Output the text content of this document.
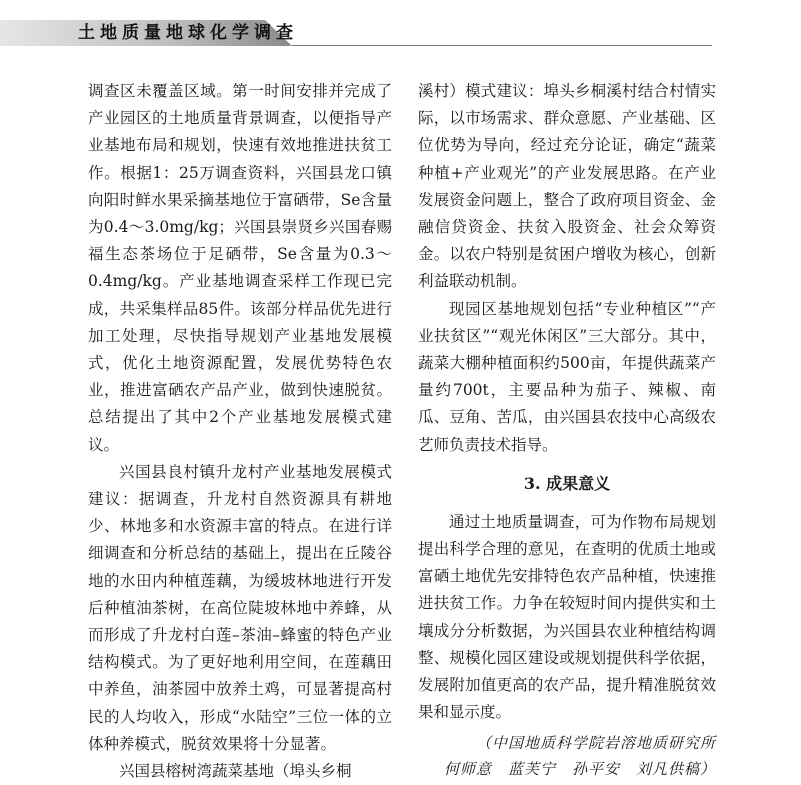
土地质量地球化学调查

调查区未覆盖区域。第一时间安排并完成了产业园区的土地质量背景调查，以便指导产业基地布局和规划，快速有效地推进扶贫工作。根据1：25万调查资料，兴国县龙口镇向阳时鲜水果采摘基地位于富硒带，Se含量为0.4～3.0mg/kg；兴国县崇贤乡兴国春赐福生态茶场位于足硒带，Se含量为0.3～0.4mg/kg。产业基地调查采样工作现已完成，共采集样品85件。该部分样品优先进行加工处理，尽快指导规划产业基地发展模式，优化土地资源配置，发展优势特色农业，推进富硒农产品产业，做到快速脱贫。总结提出了其中2个产业基地发展模式建议。

兴国县良村镇升龙村产业基地发展模式建议：据调查，升龙村自然资源具有耕地少、林地多和水资源丰富的特点。在进行详细调查和分析总结的基础上，提出在丘陵谷地的水田内种植莲藕，为缓坡林地进行开发后种植油茶树，在高位陡坡林地中养蜂，从而形成了升龙村白莲–茶油–蜂蜜的特色产业结构模式。为了更好地利用空间，在莲藕田中养鱼，油茶园中放养土鸡，可显著提高村民的人均收入，形成“水陆空”三位一体的立体种养模式，脱贫效果将十分显著。

兴国县榕树湾蔬菜基地（埠头乡桐

溪村）模式建议：埠头乡桐溪村结合村情实际，以市场需求、群众意愿、产业基础、区位优势为导向，经过充分论证，确定“蔬菜种植+产业观光”的产业发展思路。在产业发展资金问题上，整合了政府项目资金、金融信贷资金、扶贫入股资金、社会众筹资金。以农户特别是贫困户增收为核心，创新利益联动机制。

现园区基地规划包括“专业种植区”“产业扶贫区”“观光休闲区”三大部分。其中，蔬菜大棚种植面积约500亩，年提供蔬菜产量约700t，主要品种为茄子、辣椒、南瓜、豆角、苦瓜，由兴国县农技中心高级农艺师负责技术指导。

3. 成果意义

通过土地质量调查，可为作物布局规划提出科学合理的意见，在查明的优质土地或富硒土地优先安排特色农产品种植，快速推进扶贫工作。力争在较短时间内提供实和土壤成分分析数据，为兴国县农业种植结构调整、规模化园区建设或规划提供科学依据，发展附加值更高的农产品，提升精准脱贫效果和显示度。

（中国地质科学院岩溶地质研究所
何师意　蓝芙宁　孙平安　刘凡供稿）
